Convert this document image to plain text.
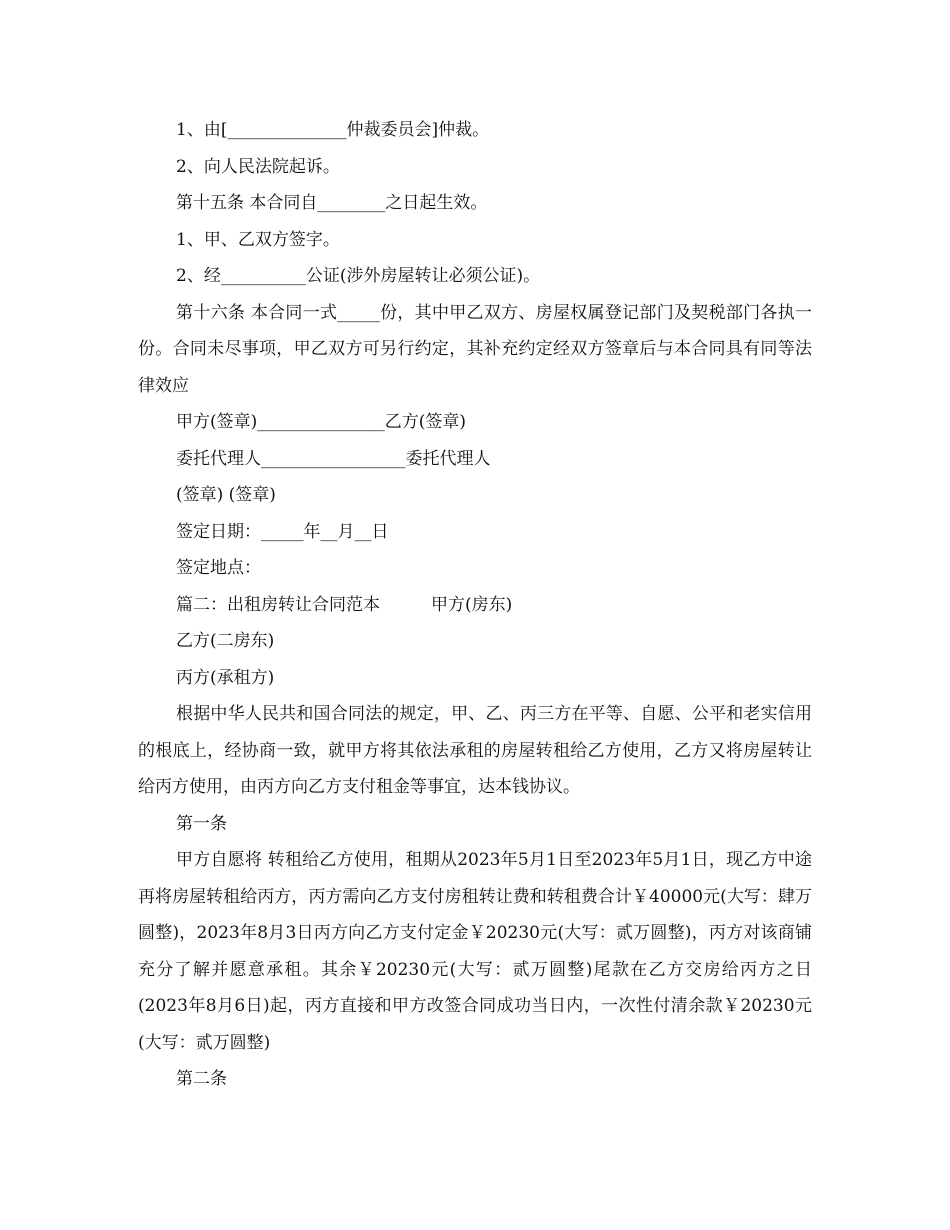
1、由[______________仲裁委员会]仲裁。

2、向人民法院起诉。

第十五条 本合同自________之日起生效。

1、甲、乙双方签字。

2、经__________公证(涉外房屋转让必须公证)。

第十六条 本合同一式_____份，其中甲乙双方、房屋权属登记部门及契税部门各执一份。合同未尽事项，甲乙双方可另行约定，其补充约定经双方签章后与本合同具有同等法律效应

甲方(签章)_______________乙方(签章)

委托代理人_________________委托代理人

(签章) (签章)

签定日期：_____年__月__日

签定地点：

篇二：出租房转让合同范本　　　甲方(房东)

乙方(二房东)

丙方(承租方)

根据中华人民共和国合同法的规定，甲、乙、丙三方在平等、自愿、公平和老实信用的根底上，经协商一致，就甲方将其依法承租的房屋转租给乙方使用，乙方又将房屋转让给丙方使用，由丙方向乙方支付租金等事宜，达本钱协议。

第一条

甲方自愿将 转租给乙方使用，租期从2023年5月1日至2023年5月1日，现乙方中途再将房屋转租给丙方，丙方需向乙方支付房租转让费和转租费合计￥40000元(大写：肆万圆整)，2023年8月3日丙方向乙方支付定金￥20230元(大写：贰万圆整)，丙方对该商铺充分了解并愿意承租。其余￥20230元(大写：贰万圆整)尾款在乙方交房给丙方之日(2023年8月6日)起，丙方直接和甲方改签合同成功当日内，一次性付清余款￥20230元(大写：贰万圆整)

第二条
